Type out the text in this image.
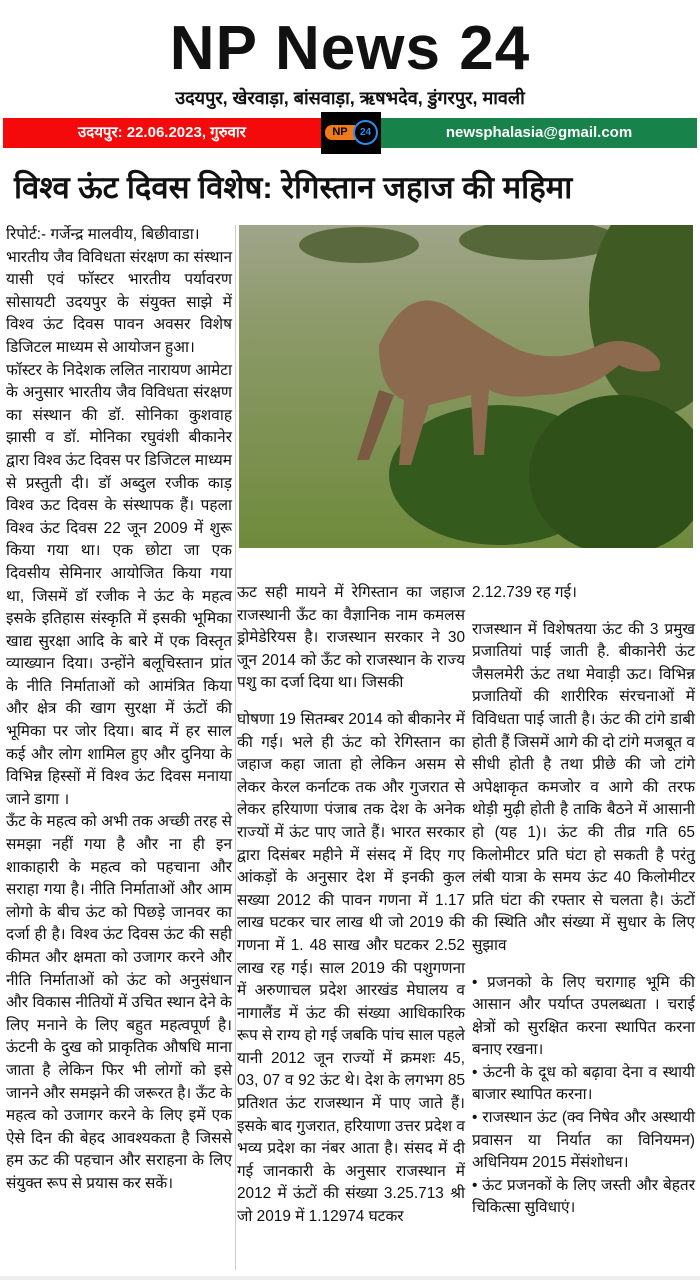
NP News 24
उदयपुर, खेरवाड़ा, बांसवाड़ा, ऋषभदेव, डुंगरपुर, मावली
उदयपुर: 22.06.2023, गुरुवार	NP	24	newsphalasia@gmail.com
विश्व ऊंट दिवस विशेष: रेगिस्तान जहाज की महिमा

रिपोर्ट:- गर्जेन्द्र मालवीय, बिछीवाडा।

भारतीय जैव विविधता संरक्षण का संस्थान यासी एवं फॉस्टर भारतीय पर्यावरण सोसायटी उदयपुर के संयुक्त साझे में विश्व ऊंट दिवस पावन अवसर विशेष डिजिटल माध्यम से आयोजन हुआ।

फॉस्टर के निदेशक ललित नारायण आमेटा के अनुसार भारतीय जैव विविधता संरक्षण का संस्थान की डॉ. सोनिका कुशवाह झासी व डॉ. मोनिका रघुवंशी बीकानेर द्वारा विश्व ऊंट दिवस पर डिजिटल माध्यम से प्रस्तुती दी। डॉ अब्दुल रजीक काड़ विश्व ऊट दिवस के संस्थापक हैं। पहला विश्व ऊंट दिवस 22 जून 2009 में शुरू किया गया था। एक छोटा जा एक दिवसीय सेमिनार आयोजित किया गया था, जिसमें डॉ रजीक ने ऊंट के महत्व इसके इतिहास संस्कृति में इसकी भूमिका खाद्य सुरक्षा आदि के बारे में एक विस्तृत व्याख्यान दिया। उन्होंने बलूचिस्तान प्रांत के नीति निर्माताओं को आमंत्रित किया और क्षेत्र की खाग सुरक्षा में ऊंटों की भूमिका पर जोर दिया। बाद में हर साल कई और लोग शामिल हुए और दुनिया के विभिन्न हिस्सों में विश्व ऊंट दिवस मनाया जाने डागा ।

ऊँट के महत्व को अभी तक अच्छी तरह से समझा नहीं गया है और ना ही इन शाकाहारी के महत्व को पहचाना और सराहा गया है। नीति निर्माताओं और आम लोगो के बीच ऊंट को पिछड़े जानवर का दर्जा ही है। विश्व ऊंट दिवस ऊंट की सही कीमत और क्षमता को उजागर करने और नीति निर्माताओं को ऊंट को अनुसंधान और विकास नीतियों में उचित स्थान देने के लिए मनाने के लिए बहुत महत्वपूर्ण है।ऊंटनी के दुख को प्राकृतिक औषधि माना जाता है लेकिन फिर भी लोगों को इसे जानने और समझने की जरूरत है। ऊँट के महत्व को उजागर करने के लिए इमें एक ऐसे दिन की बेहद आवश्यकता है जिससे हम ऊट की पहचान और सराहना के लिए संयुक्त रूप से प्रयास कर सकें।

ऊट सही मायने में रेगिस्तान का जहाज राजस्थानी ऊँट का वैज्ञानिक नाम कमलस ड्रोमेडेरियस है। राजस्थान सरकार ने 30 जून 2014 को ऊँट को राजस्थान के राज्य पशु का दर्जा दिया था। जिसकी

घोषणा 19 सितम्बर 2014 को बीकानेर में की गई। भले ही ऊंट को रेगिस्तान का जहाज कहा जाता हो लेकिन असम से लेकर केरल कर्नाटक तक और गुजरात से लेकर हरियाणा पंजाब तक देश के अनेक राज्यों में ऊंट पाए जाते हैं। भारत सरकार द्वारा दिसंबर महीने में संसद में दिए गए आंकड़ों के अनुसार देश में इनकी कुल सख्या 2012 की पावन गणना में 1.17 लाख घटकर चार लाख थी जो 2019 की गणना में 1. 48 साख और घटकर 2.52 लाख रह गई। साल 2019 की पशुगणना में अरुणाचल प्रदेश आरखंड मेघालय व नागालैंड में ऊंट की संख्या आधिकारिक रूप से राग्य हो गई जबकि पांच साल पहले यानी 2012 जून राज्यों में क्रमशः 45, 03, 07 व 92 ऊंट थे। देश के लगभग 85 प्रतिशत ऊंट राजस्थान में पाए जाते हैं। इसके बाद गुजरात, हरियाणा उत्तर प्रदेश व भव्य प्रदेश का नंबर आता है। संसद में दी गई जानकारी के अनुसार राजस्थान में 2012 में ऊंटों की संख्या 3.25.713 श्री जो 2019 में 1.12974 घटकर

2.12.739 रह गई।

राजस्थान में विशेषतया ऊंट की 3 प्रमुख प्रजातियां पाई जाती है. बीकानेरी ऊंट जैसलमेरी ऊंट तथा मेवाड़ी ऊट। विभिन्न प्रजातियों की शारीरिक संरचनाओं में विविधता पाई जाती है। ऊंट की टांगे डाबी होती हैं जिसमें आगे की दो टांगे मजबूत व सीधी होती है तथा प्रीछे की जो टांगे अपेक्षाकृत कमजोर व आगे की तरफ थोड़ी मुढ़ी होती है ताकि बैठने में आसानी हो (यह 1)। ऊंट की तीव्र गति 65 किलोमीटर प्रति घंटा हो सकती है परंतु लंबी यात्रा के समय ऊंट 40 किलोमीटर प्रति घंटा की रफ्तार से चलता है। ऊंटों की स्थिति और संख्या में सुधार के लिए सुझाव

• प्रजनको के लिए चरागाह भूमि की आसान और पर्याप्त उपलब्धता । चराई क्षेत्रों को सुरक्षित करना स्थापित करना बनाए रखना।

• ऊंटनी के दूध को बढ़ावा देना व स्थायी बाजार स्थापित करना।

• राजस्थान ऊंट (क्व निषेव और अस्थायी प्रवासन या निर्यात का विनियमन) अधिनियम 2015 मेंसंशोधन।

• ऊंट प्रजनकों के लिए जस्ती और बेहतर चिकित्सा सुविधाएं।
